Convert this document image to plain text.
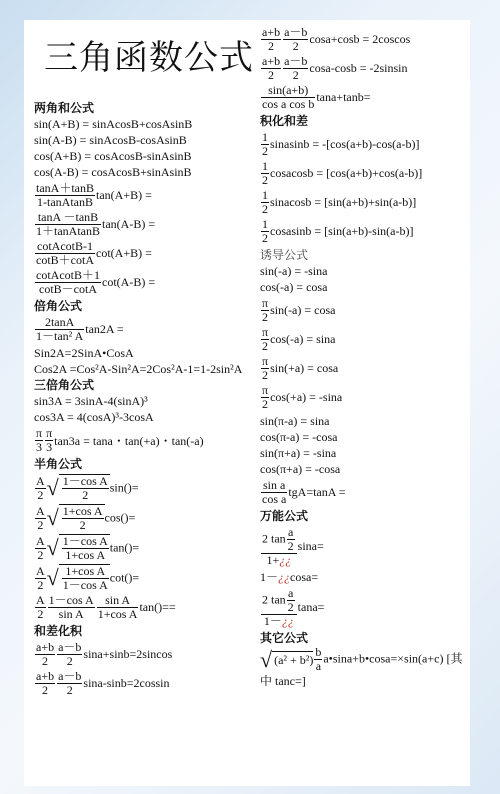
三角函数公式
两角和公式
sin(A+B) = sinAcosB+cosAsinB
sin(A-B) = sinAcosB-cosAsinB
cos(A+B) = cosAcosB-sinAsinB
cos(A-B) = cosAcosB+sinAsinB
$\frac{\tan A+\tan B}{\text{1-tanAtanB}} \tan(A+B)$ =
$\frac{\tan A -\tan B}{\text{1＋tanAtanB}} \tan(A-B)$ =
$\frac{\text{cotAcotB-1}}{\cot B+\cot A} \cot(A+B)$ =
$\frac{\text{cotAcotB＋1}}{\cot B-\cot A} \cot(A-B)$ =
倍角公式
$\frac{2\tan A}{\text{1－tan² A}} \tan 2A$ =
Sin2A=2SinA•CosA
Cos2A =Cos²A-Sin²A=2Cos²A-1=1-2sin²A
三倍角公式
sin3A = 3sinA-4(sinA)³
cos3A = 4(cosA)³-3cosA
$\frac{\pi}{3} \frac{\pi}{3} \tan 3a = \tan a$・tan(+a)・tan(-a)
半角公式
$\frac{A}{2}$ √ $\frac{\text{1－cos A}}{2} \sin()=$
$\frac{A}{2}$ √ $\frac{\text{1+cos A}}{2} \cos()=$
$\frac{A}{2}$ √ $\frac{\text{1－cos A}}{\text{1+cos A}} \tan()=$
$\frac{A}{2}$ √ $\frac{\text{1+cos A}}{\text{1－cos A}} \cot()=$
$\frac{A}{2} \frac{\text{1－cos A}}{\text{sin A}} \frac{\text{sin A}}{\text{1+cos A}} \tan()==$
和差化积
$\frac{a+b}{2} \frac{a-b}{2} \sin a+\sin b=2sincos$
$\frac{a+b}{2} \frac{a-b}{2} \sin a-\sin b=2cossin$
$\frac{a+b}{2} \frac{a-b}{2} \cos a+\cos b = 2coscos$
$\frac{a+b}{2} \frac{a-b}{2} \cos a-\cos b = -2sinsin$
$\frac{\sin(a+b)}{\text{cos a cos b}} \tan a+\tan b=$
积化和差
$\frac{1}{2}$ sinasinb = -[cos(a+b)-cos(a-b)]
$\frac{1}{2}$ cosacosb = [cos(a+b)+cos(a-b)]
$\frac{1}{2}$ sinacosb = [sin(a+b)+sin(a-b)]
$\frac{1}{2}$ cosasinb = [sin(a+b)-sin(a-b)]
诱导公式
sin(-a) = -sina
cos(-a) = cosa
$\frac{\pi}{2} \sin(-a) = \cos a$
$\frac{\pi}{2} \cos(-a) = \sin a$
$\frac{\pi}{2} \sin(+a) = \cos a$
$\frac{\pi}{2} \cos(+a) = -\sin a$
sin(π-a) = sina
cos(π-a) = -cosa
sin(π+a) = -sina
cos(π+a) = -cosa
$\frac{\text{sin a}}{\text{cos a}} tgA=\tan A$ =
万能公式
$\frac{2 \tan \frac{a}{2}}{1+¿¿} \sin a=$
1－¿¿cosa=
$\frac{2 \tan \frac{a}{2}}{1-¿¿} \tan a=$
其它公式
√ $(a^2 + b^2) \frac{b}{a}$ a•sina+b•cosa=×sin(a+c) [其中 tanc=]
